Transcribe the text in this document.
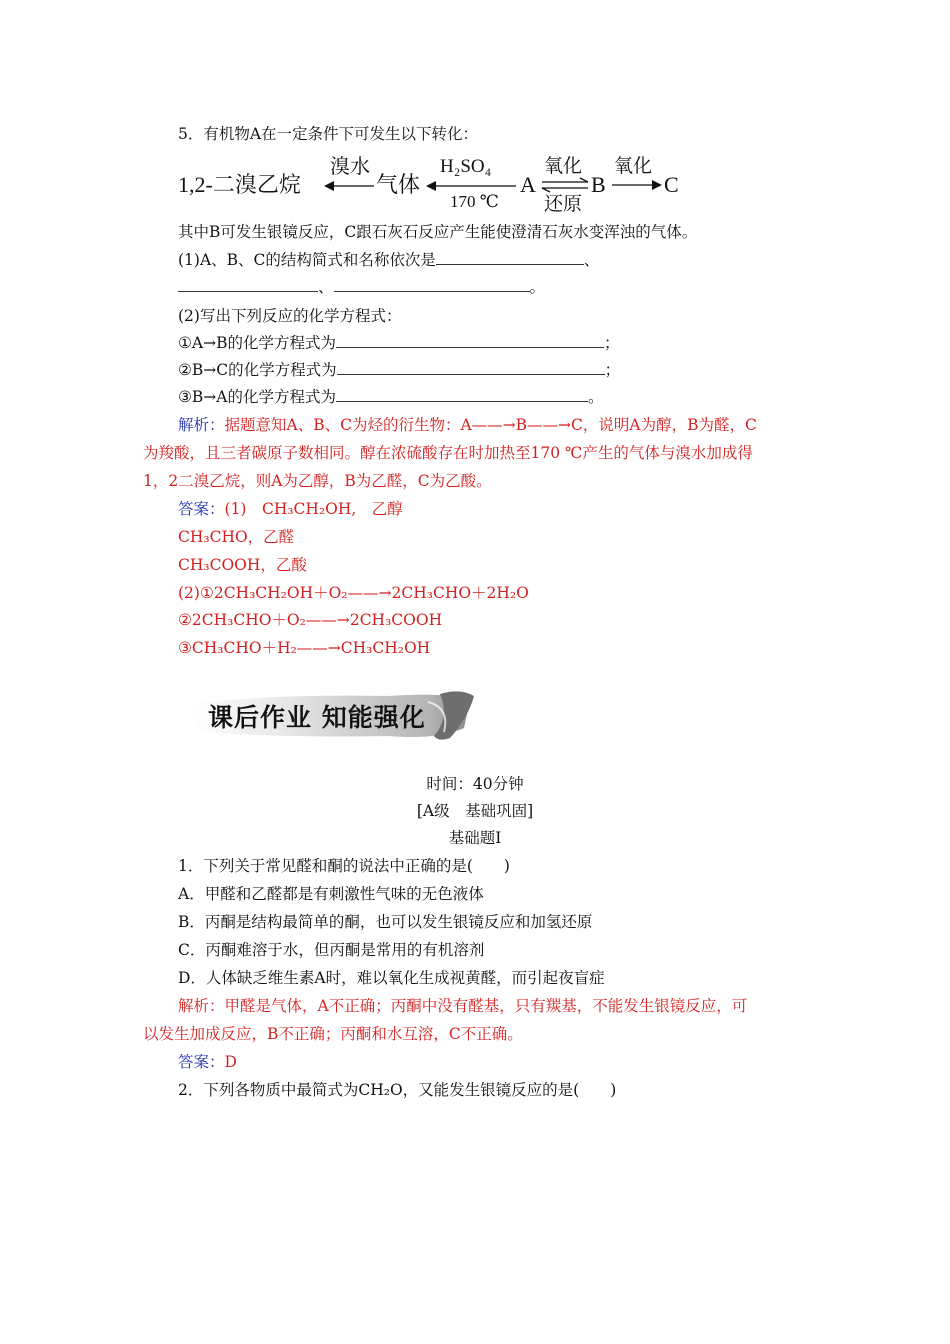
5．有机物A在一定条件下可发生以下转化：
1,2-二溴乙烷
溴水
气体
H₂SO₄
170 ℃
A
氧化
还原
B
氧化
C
其中B可发生银镜反应，C跟石灰石反应产生能使澄清石灰水变浑浊的气体。
(1)A、B、C的结构简式和名称依次是	、
、	。
(2)写出下列反应的化学方程式：
①A→B的化学方程式为	；
②B→C的化学方程式为	；
③B→A的化学方程式为	。
解析：据题意知A、B、C为烃的衍生物：A——→B——→C，说明A为醇，B为醛，C
为羧酸，且三者碳原子数相同。醇在浓硫酸存在时加热至170 ℃产生的气体与溴水加成得
1，2二溴乙烷，则A为乙醇，B为乙醛，C为乙酸。
答案：(1)　CH₃CH₂OH,　乙醇
CH₃CHO，乙醛
CH₃COOH，乙酸
(2)①2CH₃CH₂OH＋O₂——→2CH₃CHO＋2H₂O
②2CH₃CHO＋O₂——→2CH₃COOH
③CH₃CHO＋H₂——→CH₃CH₂OH
课后作业 知能强化
时间：40分钟
[A级　基础巩固]
基础题Ⅰ
1．下列关于常见醛和酮的说法中正确的是(　　)
A．甲醛和乙醛都是有刺激性气味的无色液体
B．丙酮是结构最简单的酮，也可以发生银镜反应和加氢还原
C．丙酮难溶于水，但丙酮是常用的有机溶剂
D．人体缺乏维生素A时，难以氧化生成视黄醛，而引起夜盲症
解析：甲醛是气体，A不正确；丙酮中没有醛基，只有羰基，不能发生银镜反应，可
以发生加成反应，B不正确；丙酮和水互溶，C不正确。
答案：D
2．下列各物质中最简式为CH₂O，又能发生银镜反应的是(　　)
